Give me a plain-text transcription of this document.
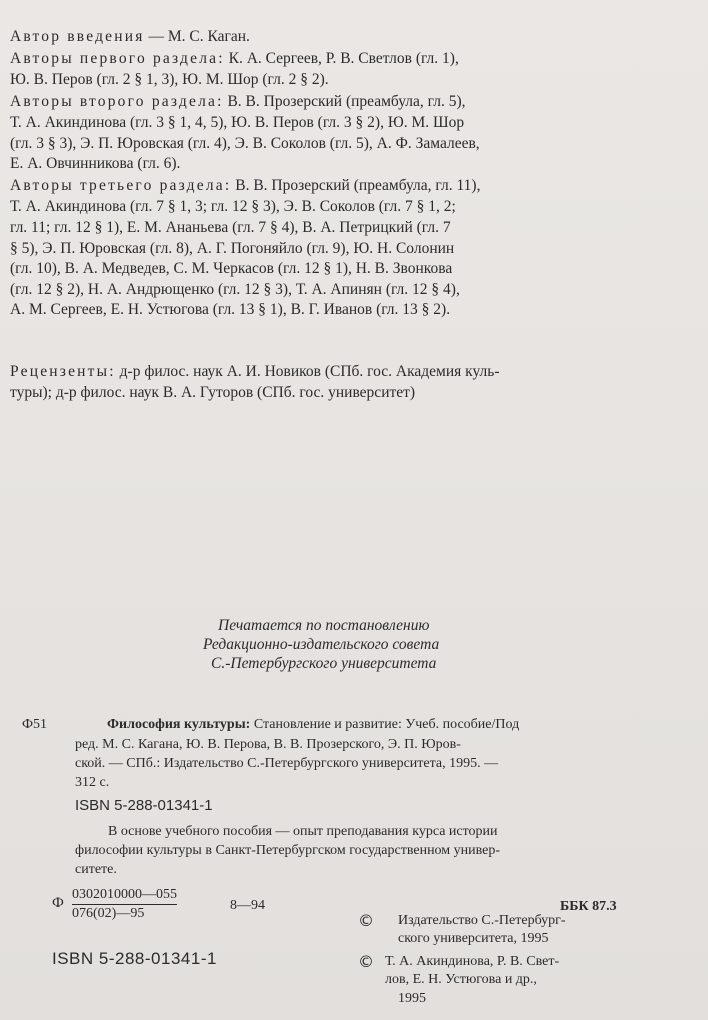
Автор введения — М. С. Каган.
Авторы первого раздела: К. А. Сергеев, Р. В. Светлов (гл. 1),
Ю. В. Перов (гл. 2 § 1, 3), Ю. М. Шор (гл. 2 § 2).
Авторы второго раздела: В. В. Прозерский (преамбула, гл. 5),
Т. А. Акиндинова (гл. 3 § 1, 4, 5), Ю. В. Перов (гл. 3 § 2), Ю. М. Шор
(гл. 3 § 3), Э. П. Юровская (гл. 4), Э. В. Соколов (гл. 5), А. Ф. Замалеев,
Е. А. Овчинникова (гл. 6).
Авторы третьего раздела: В. В. Прозерский (преамбула, гл. 11),
Т. А. Акиндинова (гл. 7 § 1, 3; гл. 12 § 3), Э. В. Соколов (гл. 7 § 1, 2;
гл. 11; гл. 12 § 1), Е. М. Ананьева (гл. 7 § 4), В. А. Петрицкий (гл. 7
§ 5), Э. П. Юровская (гл. 8), А. Г. Погоняйло (гл. 9), Ю. Н. Солонин
(гл. 10), В. А. Медведев, С. М. Черкасов (гл. 12 § 1), Н. В. Звонкова
(гл. 12 § 2), Н. А. Андрющенко (гл. 12 § 3), Т. А. Апинян (гл. 12 § 4),
А. М. Сергеев, Е. Н. Устюгова (гл. 13 § 1), В. Г. Иванов (гл. 13 § 2).
Рецензенты: д-р филос. наук А. И. Новиков (СПб. гос. Академия куль-
туры); д-р филос. наук В. А. Гуторов (СПб. гос. университет)
Печатается по постановлению
Редакционно-издательского совета
С.-Петербургского университета
Ф51	Философия культуры: Становление и развитие: Учеб. пособие/Под
ред. М. С. Кагана, Ю. В. Перова, В. В. Прозерского, Э. П. Юров-
ской. — СПб.: Издательство С.-Петербургского университета, 1995. —
312 с.
ISBN 5-288-01341-1
В основе учебного пособия — опыт преподавания курса истории
философии культуры в Санкт-Петербургском государственном универ-
ситете.
Ф
0302010000—055
076(02)—95
8—94	ББК 87.3
ISBN 5-288-01341-1
© Издательство С.-Петербург-
ского университета, 1995
© Т. А. Акиндинова, Р. В. Свет-
лов, Е. Н. Устюгова и др.,
1995
